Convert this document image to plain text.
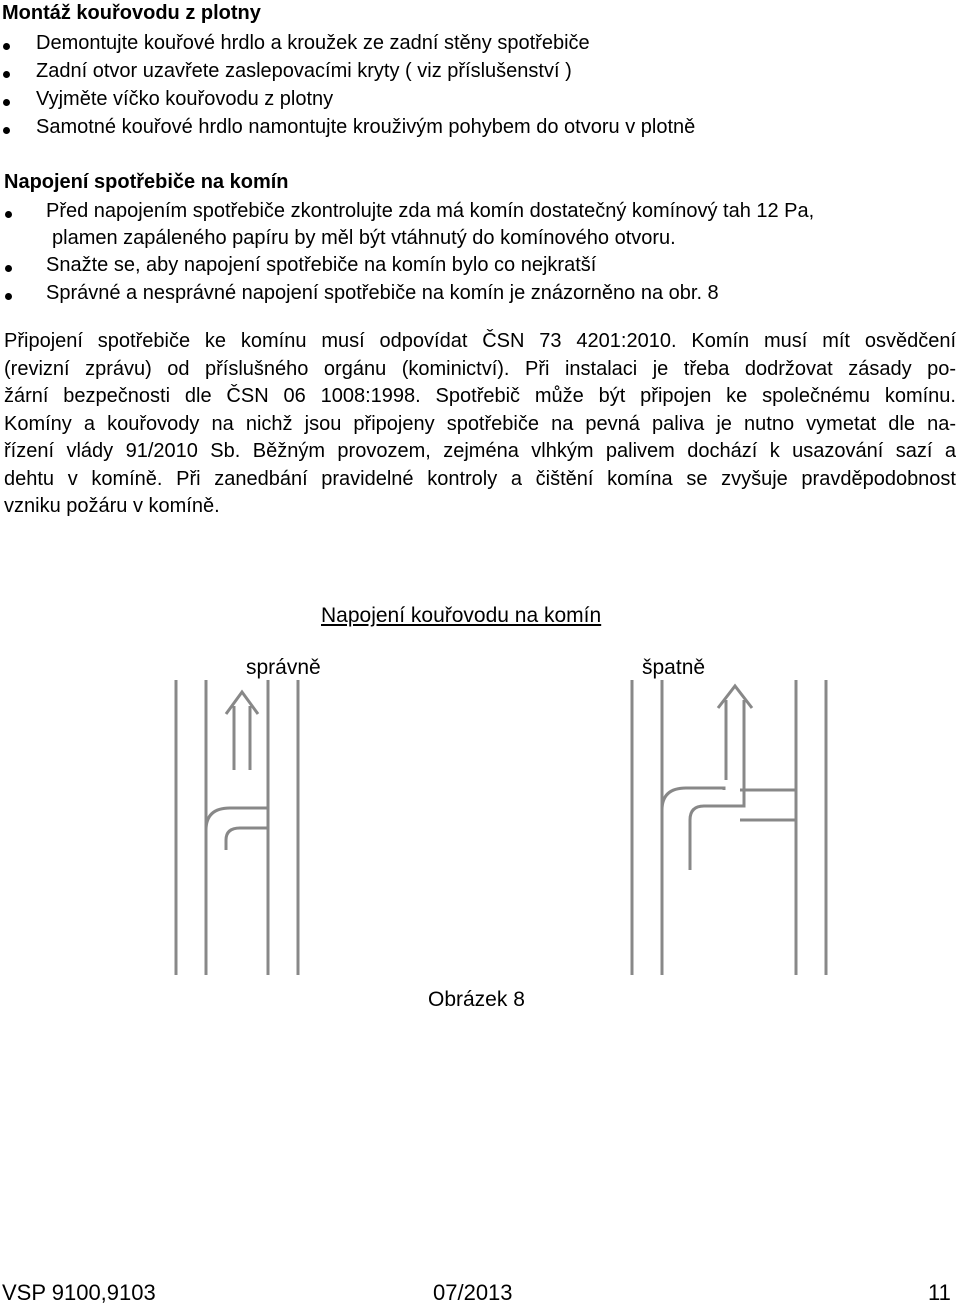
Montáž kouřovodu z plotny
Demontujte kouřové hrdlo a kroužek ze zadní stěny spotřebiče
Zadní otvor uzavřete zaslepovacími kryty ( viz příslušenství )
Vyjměte víčko kouřovodu z plotny
Samotné kouřové hrdlo namontujte krouživým pohybem do otvoru v plotně
Napojení spotřebiče na komín
Před napojením spotřebiče zkontrolujte zda má komín dostatečný komínový tah 12 Pa,
plamen zapáleného papíru by měl být vtáhnutý do komínového otvoru.
Snažte se, aby napojení spotřebiče na komín bylo co nejkratší
Správné a nesprávné napojení spotřebiče na komín je znázorněno na obr. 8
Připojení spotřebiče ke komínu musí odpovídat ČSN 73 4201:2010. Komín musí mít osvědčení
(revizní zprávu) od příslušného orgánu (kominictví). Při instalaci je třeba dodržovat zásady po-
žární bezpečnosti dle ČSN 06 1008:1998. Spotřebič může být připojen ke společnému komínu.
Komíny a kouřovody na nichž jsou připojeny spotřebiče na pevná paliva je nutno vymetat dle na-
řízení vlády 91/2010 Sb. Běžným provozem, zejména vlhkým palivem dochází k usazování sazí a
dehtu v komíně. Při zanedbání pravidelné kontroly a čištění komína se zvyšuje pravděpodobnost
vzniku požáru v komíně.
Napojení kouřovodu na komín
správně	špatně
Obrázek 8
VSP 9100,9103	07/2013	11
